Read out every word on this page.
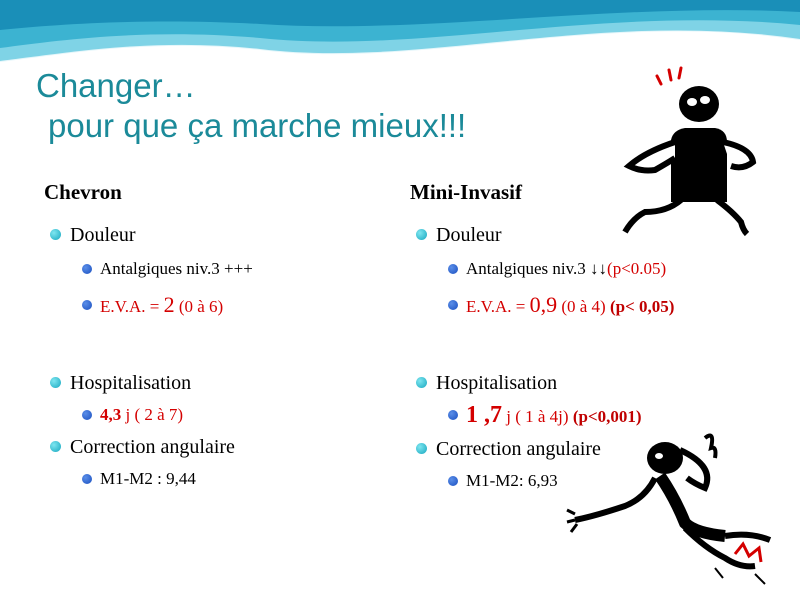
Changer…
pour que ça marche mieux!!!
Chevron	Mini-Invasif
Douleur
Antalgiques niv.3 +++
E.V.A. = 2 (0 à 6)
Hospitalisation
4,3 j ( 2 à 7)
Correction angulaire
M1-M2 : 9,44
Douleur
Antalgiques niv.3 ↓↓(p<0.05)
E.V.A. = 0,9 (0 à 4) (p< 0,05)
Hospitalisation
1 ,7 j ( 1 à 4j) (p<0,001)
Correction angulaire
M1-M2: 6,93
